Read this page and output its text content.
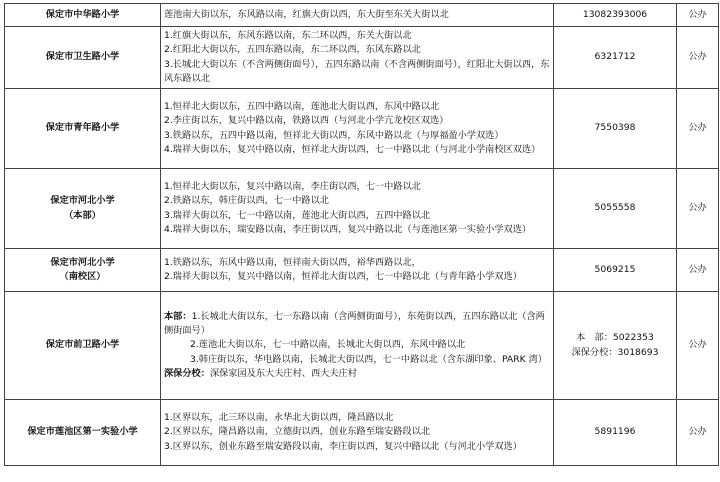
保定市中华路小学	莲池南大街以东，东风路以南，红旗大街以西，东大街至东关大街以北	13082393006	公办

保定市卫生路小学	1.红旗大街以东，东风东路以南，东二环以西，东关大街以北
2.红阳北大街以东，五四东路以南，东二环以西，东风东路以北
3.长城北大街以东（不含两侧街面号），五四东路以南（不含两侧街面号），红阳北大街以西，东风东路以北	6321712	公办

保定市青年路小学	1.恒祥北大街以东，五四中路以南，莲池北大街以西，东风中路以北
2.李庄街以东，复兴中路以南，铁路以西（与河北小学亢龙校区双选）
3.铁路以东，五四中路以南，恒祥北大街以西，东风中路以北（与厚福盈小学双选）
4.瑞祥大街以东，复兴中路以南，恒祥北大街以西，七一中路以北（与河北小学南校区双选）	7550398	公办

保定市河北小学
（本部）	1.恒祥北大街以东，复兴中路以南，李庄街以西，七一中路以北
2.铁路以东，韩庄街以西，七一中路以北
3.瑞祥大街以东，七一中路以南，莲池北大街以西，五四中路以北
4.瑞祥大街以东，瑞安路以南，李庄街以西，复兴中路以北（与莲池区第一实验小学双选）	5055558	公办

保定市河北小学
（南校区）	1.铁路以东，东风中路以南，恒祥南大街以西，裕华西路以北，
2.瑞祥大街以东，复兴中路以南，恒祥北大街以西，七一中路以北（与青年路小学双选）	5069215	公办

保定市前卫路小学	本部：1.长城北大街以东，七一东路以南（含两侧街面号），东苑街以西，五四东路以北（含两侧街面号）
2.莲池北大街以东，七一中路以南，长城北大街以西，东风中路以北
3.韩庄街以东，华电路以南，长城北大街以西，七一中路以北（含东湖印象、PARK 湾）
深保分校：深保家园及东大夫庄村、西大夫庄村	本　部：5022353
深保分校：3018693	公办

保定市莲池区第一实验小学	1.区界以东，北三环以南，永华北大街以西，隆昌路以北
2.区界以东，隆昌路以南，立德街以西，创业东路至瑞安路段以北
3.区界以东，创业东路至瑞安路段以南，李庄街以西，复兴中路以北（与河北小学双选）	5891196	公办
